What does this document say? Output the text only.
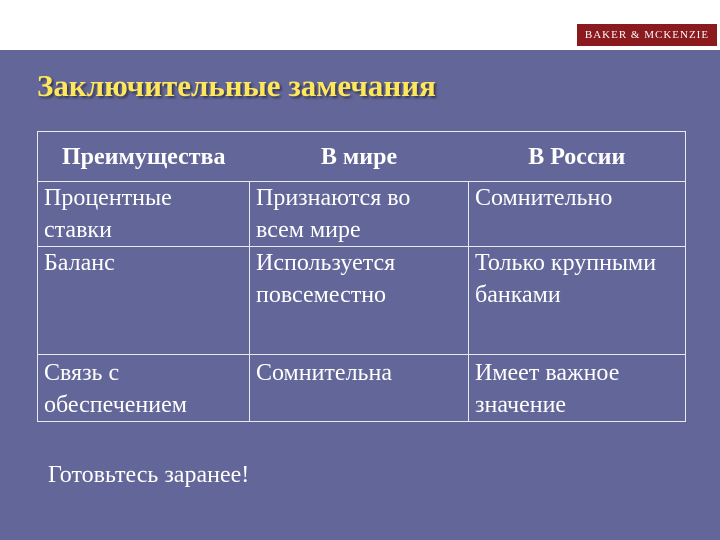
BAKER & MCKENZIE
Заключительные замечания
Преимущества	В мире	В России
Процентные ставки	Признаются во всем мире	Сомнительно
Баланс	Используется повсеместно	Только крупными банками
Связь с обеспечением	Сомнительна	Имеет важное значение
Готовьтесь заранее!
